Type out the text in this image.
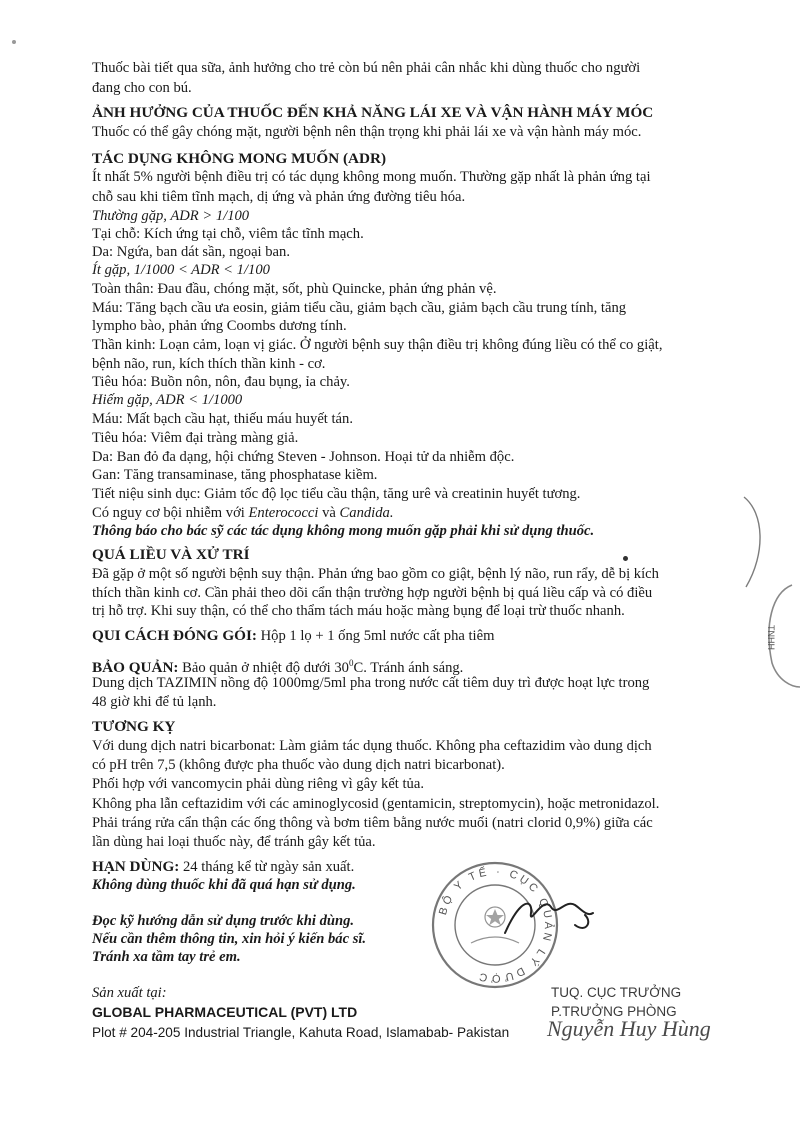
Thuốc bài tiết qua sữa, ảnh hưởng cho trẻ còn bú nên phải cân nhắc khi dùng thuốc cho người
đang cho con bú.
ẢNH HƯỞNG CỦA THUỐC ĐẾN KHẢ NĂNG LÁI XE VÀ VẬN HÀNH MÁY MÓC
Thuốc có thể gây chóng mặt, người bệnh nên thận trọng khi phải lái xe và vận hành máy móc.
TÁC DỤNG KHÔNG MONG MUỐN (ADR)
Ít nhất 5% người bệnh điều trị có tác dụng không mong muốn. Thường gặp nhất là phản ứng tại
chỗ sau khi tiêm tĩnh mạch, dị ứng và phản ứng đường tiêu hóa.
Thường gặp, ADR > 1/100
Tại chỗ: Kích ứng tại chỗ, viêm tắc tĩnh mạch.
Da: Ngứa, ban dát sần, ngoại ban.
Ít gặp, 1/1000 < ADR < 1/100
Toàn thân: Đau đầu, chóng mặt, sốt, phù Quincke, phản ứng phản vệ.
Máu: Tăng bạch cầu ưa eosin, giảm tiểu cầu, giảm bạch cầu, giảm bạch cầu trung tính, tăng
lympho bào, phản ứng Coombs dương tính.
Thần kinh: Loạn cảm, loạn vị giác. Ở người bệnh suy thận điều trị không đúng liều có thể co giật,
bệnh não, run, kích thích thần kinh - cơ.
Tiêu hóa: Buồn nôn, nôn, đau bụng, ỉa chảy.
Hiếm gặp, ADR < 1/1000
Máu: Mất bạch cầu hạt, thiếu máu huyết tán.
Tiêu hóa: Viêm đại tràng màng giả.
Da: Ban đỏ đa dạng, hội chứng Steven - Johnson. Hoại tử da nhiễm độc.
Gan: Tăng transaminase, tăng phosphatase kiềm.
Tiết niệu sinh dục: Giảm tốc độ lọc tiểu cầu thận, tăng urê và creatinin huyết tương.
Có nguy cơ bội nhiễm với Enterococci và Candida.
Thông báo cho bác sỹ các tác dụng không mong muốn gặp phải khi sử dụng thuốc.
QUÁ LIỀU VÀ XỬ TRÍ
Đã gặp ở một số người bệnh suy thận. Phản ứng bao gồm co giật, bệnh lý não, run rẩy, dễ bị kích
thích thần kinh cơ. Cần phải theo dõi cẩn thận trường hợp người bệnh bị quá liều cấp và có điều
trị hỗ trợ. Khi suy thận, có thể cho thẩm tách máu hoặc màng bụng để loại trừ thuốc nhanh.
QUI CÁCH ĐÓNG GÓI: Hộp 1 lọ + 1 ống 5ml nước cất pha tiêm
BẢO QUẢN: Bảo quản ở nhiệt độ dưới $30^0C$. Tránh ánh sáng.
Dung dịch TAZIMIN nồng độ 1000mg/5ml pha trong nước cất tiêm duy trì được hoạt lực trong
48 giờ khi để tủ lạnh.
TƯƠNG KỴ
Với dung dịch natri bicarbonat: Làm giảm tác dụng thuốc. Không pha ceftazidim vào dung dịch
có pH trên 7,5 (không được pha thuốc vào dung dịch natri bicarbonat).
Phối hợp với vancomycin phải dùng riêng vì gây kết tủa.
Không pha lẫn ceftazidim với các aminoglycosid (gentamicin, streptomycin), hoặc metronidazol.
Phải tráng rửa cẩn thận các ống thông và bơm tiêm bằng nước muối (natri clorid 0,9%) giữa các
lần dùng hai loại thuốc này, để tránh gây kết tủa.
HẠN DÙNG: 24 tháng kể từ ngày sản xuất.
Không dùng thuốc khi đã quá hạn sử dụng.
Đọc kỹ hướng dẫn sử dụng trước khi dùng.
Nếu cần thêm thông tin, xin hỏi ý kiến bác sĩ.
Tránh xa tầm tay trẻ em.
Sản xuất tại:
GLOBAL PHARMACEUTICAL (PVT) LTD
Plot # 204-205 Industrial Triangle, Kahuta Road, Islamabab- Pakistan
TUQ. CỤC TRƯỞNG
P.TRƯỞNG PHÒNG
Nguyễn Huy Hùng
BỘ Y TẾ · CỤC QUẢN LÝ DƯỢC
TNHH
